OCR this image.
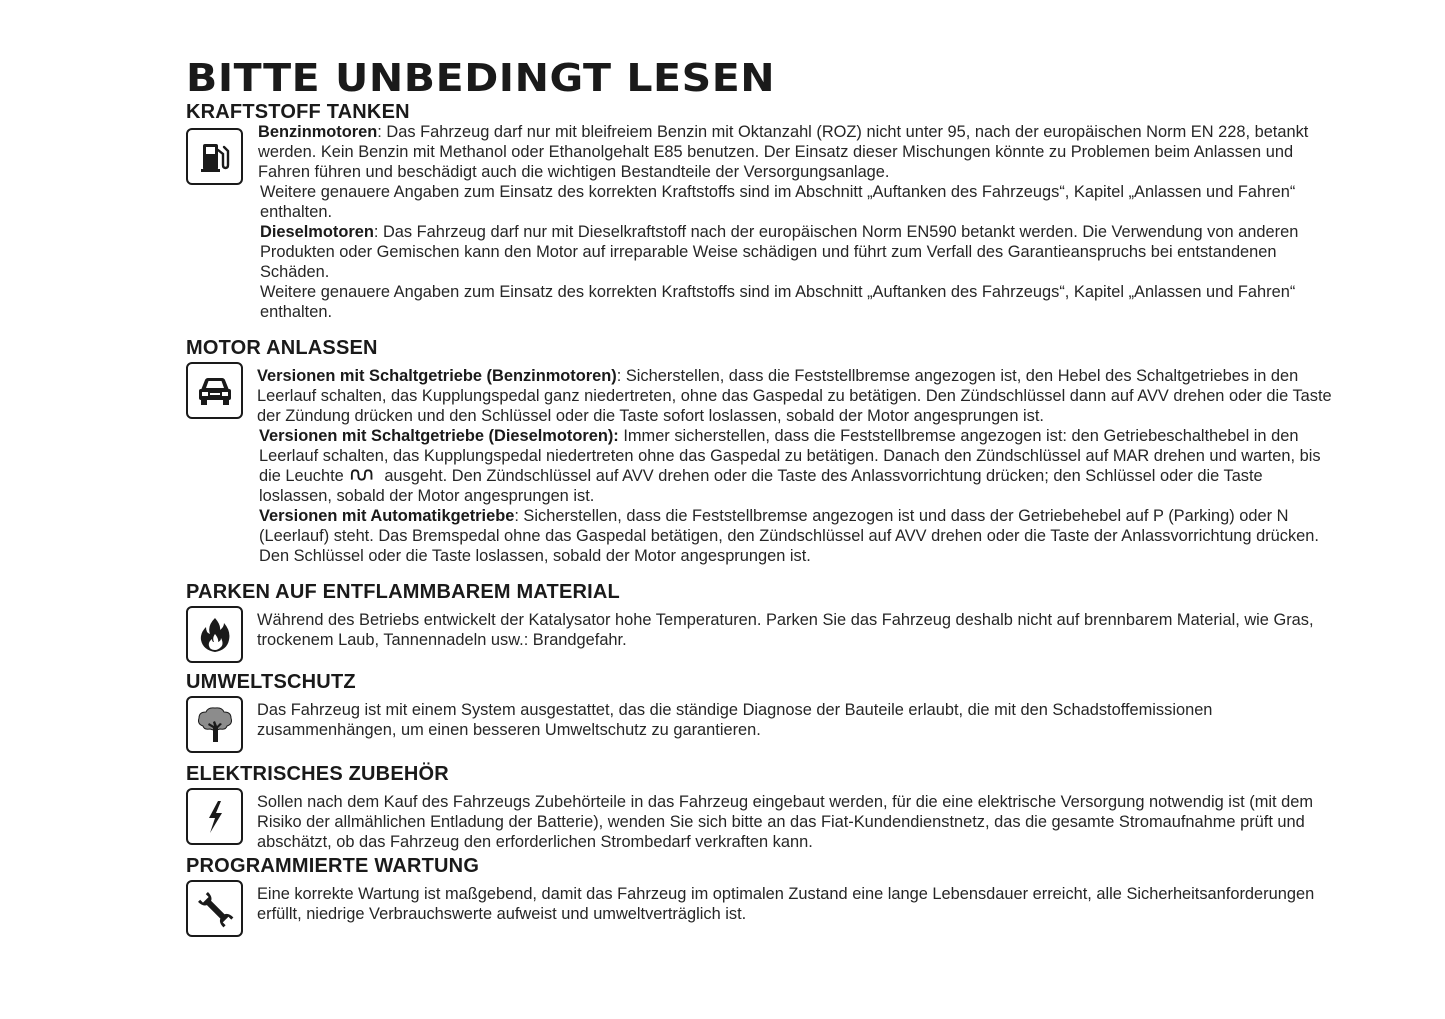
BITTE UNBEDINGT LESEN
KRAFTSTOFF TANKEN

Benzinmotoren: Das Fahrzeug darf nur mit bleifreiem Benzin mit Oktanzahl (ROZ) nicht unter 95, nach der europäischen Norm EN 228, betankt werden. Kein Benzin mit Methanol oder Ethanolgehalt E85 benutzen. Der Einsatz dieser Mischungen könnte zu Problemen beim Anlassen und Fahren führen und beschädigt auch die wichtigen Bestandteile der Versorgungsanlage.

Weitere genauere Angaben zum Einsatz des korrekten Kraftstoffs sind im Abschnitt „Auftanken des Fahrzeugs“, Kapitel „Anlassen und Fahren“ enthalten.

Dieselmotoren: Das Fahrzeug darf nur mit Dieselkraftstoff nach der europäischen Norm EN590 betankt werden. Die Verwendung von anderen Produkten oder Gemischen kann den Motor auf irreparable Weise schädigen und führt zum Verfall des Garantieanspruchs bei entstandenen Schäden.

Weitere genauere Angaben zum Einsatz des korrekten Kraftstoffs sind im Abschnitt „Auftanken des Fahrzeugs“, Kapitel „Anlassen und Fahren“ enthalten.

MOTOR ANLASSEN

Versionen mit Schaltgetriebe (Benzinmotoren): Sicherstellen, dass die Feststellbremse angezogen ist, den Hebel des Schaltgetriebes in den Leerlauf schalten, das Kupplungspedal ganz niedertreten, ohne das Gaspedal zu betätigen. Den Zündschlüssel dann auf AVV drehen oder die Taste der Zündung drücken und den Schlüssel oder die Taste sofort loslassen, sobald der Motor angesprungen ist.

Versionen mit Schaltgetriebe (Dieselmotoren): Immer sicherstellen, dass die Feststellbremse angezogen ist: den Getriebeschalthebel in den Leerlauf schalten, das Kupplungspedal niedertreten ohne das Gaspedal zu betätigen. Danach den Zündschlüssel auf MAR drehen und warten, bis die Leuchte ausgeht. Den Zündschlüssel auf AVV drehen oder die Taste des Anlassvorrichtung drücken; den Schlüssel oder die Taste loslassen, sobald der Motor angesprungen ist.

Versionen mit Automatikgetriebe: Sicherstellen, dass die Feststellbremse angezogen ist und dass der Getriebehebel auf P (Parking) oder N (Leerlauf) steht. Das Bremspedal ohne das Gaspedal betätigen, den Zündschlüssel auf AVV drehen oder die Taste der Anlassvorrichtung drücken. Den Schlüssel oder die Taste loslassen, sobald der Motor angesprungen ist.

PARKEN AUF ENTFLAMMBAREM MATERIAL

Während des Betriebs entwickelt der Katalysator hohe Temperaturen. Parken Sie das Fahrzeug deshalb nicht auf brennbarem Material, wie Gras, trockenem Laub, Tannennadeln usw.: Brandgefahr.

UMWELTSCHUTZ

Das Fahrzeug ist mit einem System ausgestattet, das die ständige Diagnose der Bauteile erlaubt, die mit den Schadstoffemissionen zusammenhängen, um einen besseren Umweltschutz zu garantieren.

ELEKTRISCHES ZUBEHÖR

Sollen nach dem Kauf des Fahrzeugs Zubehörteile in das Fahrzeug eingebaut werden, für die eine elektrische Versorgung notwendig ist (mit dem Risiko der allmählichen Entladung der Batterie), wenden Sie sich bitte an das Fiat-Kundendienstnetz, das die gesamte Stromaufnahme prüft und abschätzt, ob das Fahrzeug den erforderlichen Strombedarf verkraften kann.

PROGRAMMIERTE WARTUNG

Eine korrekte Wartung ist maßgebend, damit das Fahrzeug im optimalen Zustand eine lange Lebensdauer erreicht, alle Sicherheitsanforderungen erfüllt, niedrige Verbrauchswerte aufweist und umweltverträglich ist.
